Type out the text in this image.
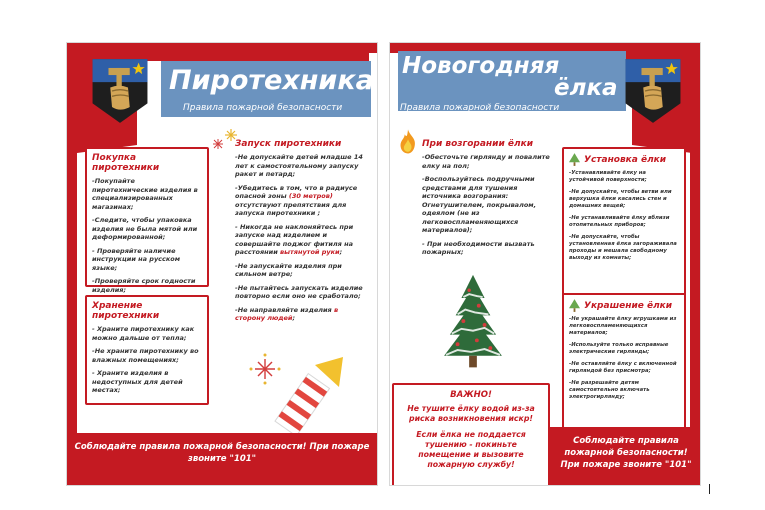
Пиротехника
Правила пожарной безопасности
Покупка пиротехники

-Покупайте пиротехнические изделия в специализированных магазинах;

-Следите, чтобы упаковка изделия не была мятой или деформированной;

- Проверяйте наличие инструкции на русском языке;

-Проверяйте срок годности изделия;

Хранение пиротехники

- Храните пиротехнику как можно дальше от тепла;

-Не храните пиротехнику во влажных помещениях;

- Храните изделия в недоступных для детей местах;

Запуск пиротехники

-Не допускайте детей младше 14 лет к самостоятельному запуску ракет и петард;

-Убедитесь в том, что в радиусе опасной зоны (30 метров) отсутствуют препятствия для запуска пиротехники ;

- Никогда не наклоняйтесь при запуске над изделием и совершайте поджог фитиля на расстоянии вытянутой руки;

-Не запускайте изделия при сильном ветре;

-Не пытайтесь запускать изделие повторно если оно не сработало;

-Не направляйте изделия в сторону людей;

Соблюдайте правила пожарной безопасности! При пожаре звоните "101"
Новогодняя
ёлка
Правила пожарной безопасности
При возгорании ёлки

-Обесточьте гирлянду и повалите елку на пол;

-Воспользуйтесь подручными средствами для тушения источника возгорания: Огнетушителем, покрывалом, одеялом (не из легковоспламеняющихся материалов);

- При необходимости вызвать пожарных;

Установка ёлки

-Устанавливайте ёлку на устойчивой поверхности;

-Не допускайте, чтобы ветви или верхушка ёлки касались стен и домашних вещей;

-Не устанавливайте ёлку вблизи отопительных приборов;

-Не допускайте, чтобы установленная ёлка загораживала проходы и мешала свободному выходу из комнаты;

Украшение ёлки

-Не украшайте ёлку игрушками из легковоспламеняющихся материалов;

-Используйте только исправные электрические гирлянды;

-Не оставляйте ёлку с включенной гирляндой без присмотра;

-Не разрешайте детям самостоятельно включать электрогирлянду;

ВАЖНО!
Не тушите ёлку водой из-за риска возникновения искр!
Если ёлка не поддается тушению - покиньте помещение и вызовите пожарную службу!
Соблюдайте правила пожарной безопасности! При пожаре звоните "101"
